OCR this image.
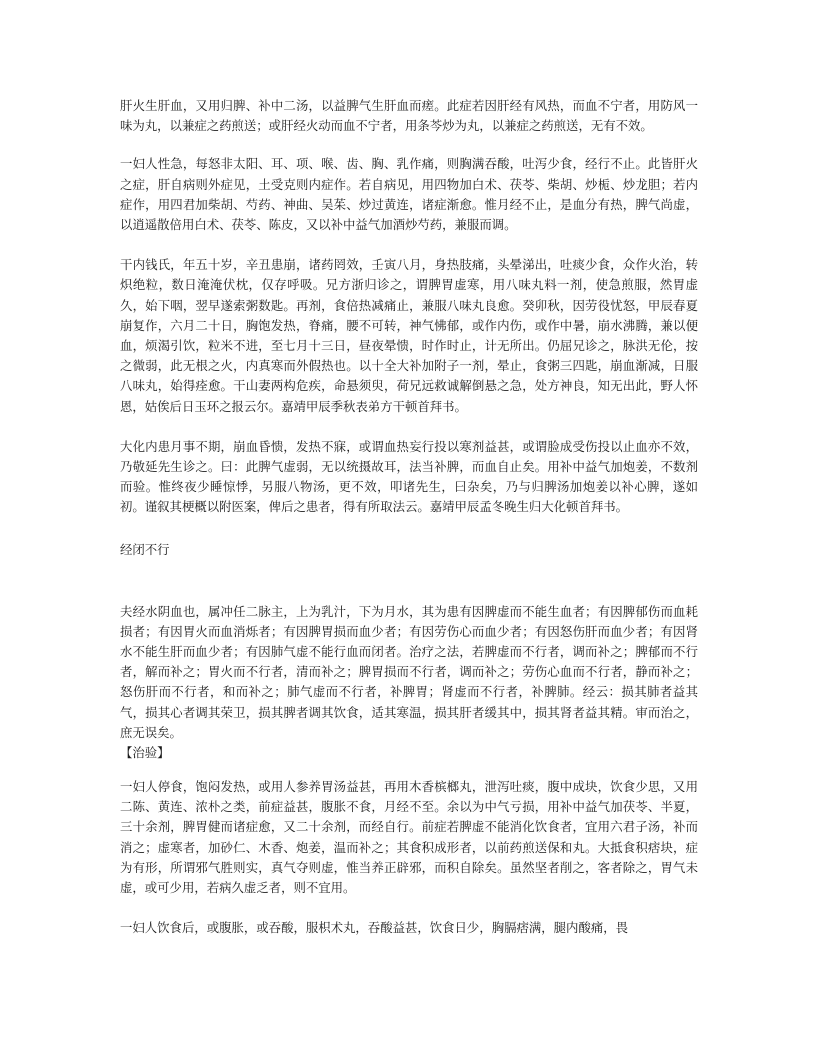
肝火生肝血，又用归脾、补中二汤，以益脾气生肝血而瘥。此症若因肝经有风热，而血不宁者，用防风一味为丸，以兼症之药煎送；或肝经火动而血不宁者，用条芩炒为丸，以兼症之药煎送，无有不效。

一妇人性急，每怒非太阳、耳、项、喉、齿、胸、乳作痛，则胸满吞酸，吐泻少食，经行不止。此皆肝火之症，肝自病则外症见，土受克则内症作。若自病见，用四物加白术、茯苓、柴胡、炒栀、炒龙胆；若内症作，用四君加柴胡、芍药、神曲、吴茱、炒过黄连，诸症渐愈。惟月经不止，是血分有热，脾气尚虚，以逍遥散倍用白术、茯苓、陈皮，又以补中益气加酒炒芍药，兼服而调。

干内钱氏，年五十岁，辛丑患崩，诸药罔效，壬寅八月，身热肢痛，头晕涕出，吐痰少食，众作火治，转炽绝粒，数日淹淹伏枕，仅存呼吸。兄方浙归诊之，谓脾胃虚寒，用八味丸料一剂，使急煎服，然胃虚久，始下咽，翌早遂索粥数匙。再剂，食倍热减痛止，兼服八味丸良愈。癸卯秋，因劳役忧怒，甲辰春夏崩复作，六月二十日，胸饱发热，脊痛，腰不可转，神气怫郁，或作内伤，或作中暑，崩水沸腾，兼以便血，烦渴引饮，粒米不进，至七月十三日，昼夜晕愦，时作时止，计无所出。仍屈兄诊之，脉洪无伦，按之微弱，此无根之火，内真寒而外假热也。以十全大补加附子一剂，晕止，食粥三四匙，崩血渐减，日服八味丸，始得痊愈。干山妻两构危疾，命悬须臾，荷兄远救诚解倒悬之急，处方神良，知无出此，野人怀恩，姑俟后日玉环之报云尔。嘉靖甲辰季秋表弟方干顿首拜书。

大化内患月事不期，崩血昏愦，发热不寐，或谓血热妄行投以寒剂益甚，或谓脸成受伤投以止血亦不效，乃敬延先生诊之。曰：此脾气虚弱，无以统摄故耳，法当补脾，而血自止矣。用补中益气加炮姜，不数剂而验。惟终夜少睡惊悸，另服八物汤，更不效，叩诸先生，曰杂矣，乃与归脾汤加炮姜以补心脾，遂如初。谨叙其梗概以附医案，俾后之患者，得有所取法云。嘉靖甲辰孟冬晚生归大化顿首拜书。

经闭不行

夫经水阴血也，属冲任二脉主，上为乳汁，下为月水，其为患有因脾虚而不能生血者；有因脾郁伤而血耗损者；有因胃火而血消烁者；有因脾胃损而血少者；有因劳伤心而血少者；有因怒伤肝而血少者；有因肾水不能生肝而血少者；有因肺气虚不能行血而闭者。治疗之法，若脾虚而不行者，调而补之；脾郁而不行者，解而补之；胃火而不行者，清而补之；脾胃损而不行者，调而补之；劳伤心血而不行者，静而补之；怒伤肝而不行者，和而补之；肺气虚而不行者，补脾胃；肾虚而不行者，补脾肺。经云：损其肺者益其气，损其心者调其荣卫，损其脾者调其饮食，适其寒温，损其肝者缓其中，损其肾者益其精。审而治之，庶无误矣。

【治验】

一妇人停食，饱闷发热，或用人参养胃汤益甚，再用木香槟榔丸，泄泻吐痰，腹中成块，饮食少思，又用二陈、黄连、浓朴之类，前症益甚，腹胀不食，月经不至。余以为中气亏损，用补中益气加茯苓、半夏，三十余剂，脾胃健而诸症愈，又二十余剂，而经自行。前症若脾虚不能消化饮食者，宜用六君子汤，补而消之；虚寒者，加砂仁、木香、炮姜，温而补之；其食积成形者，以前药煎送保和丸。大抵食积痞块，症为有形，所谓邪气胜则实，真气夺则虚，惟当养正辟邪，而积自除矣。虽然坚者削之，客者除之，胃气未虚，或可少用，若病久虚乏者，则不宜用。

一妇人饮食后，或腹胀，或吞酸，服枳术丸，吞酸益甚，饮食日少，胸膈痞满，腿内酸痛，畏
